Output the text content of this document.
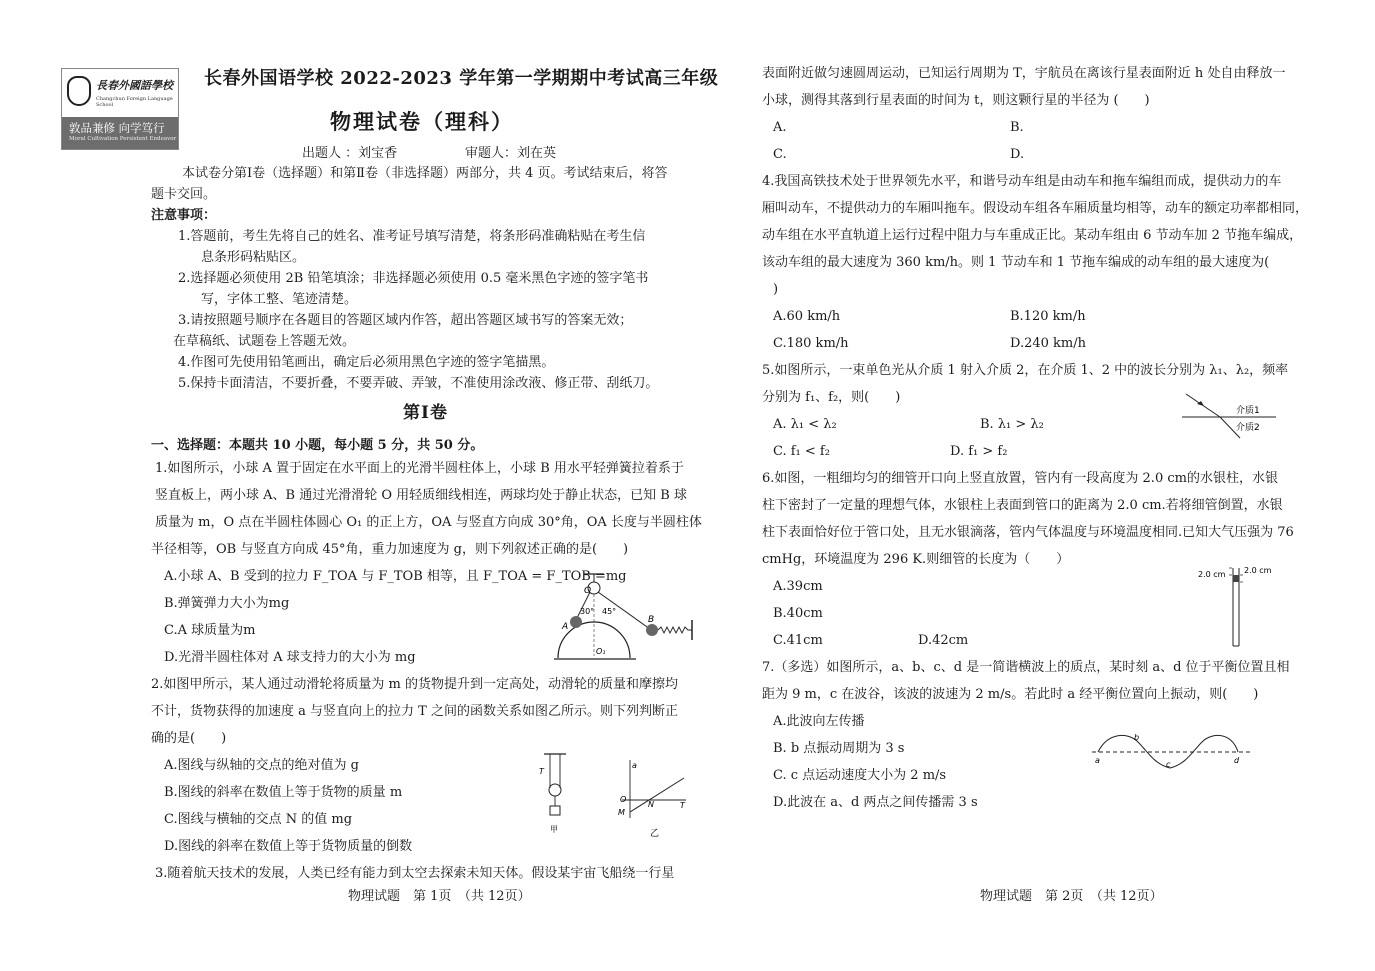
長春外國語學校
Changchun Foreign Language School
敦品兼修 向学笃行
Moral Cultivation Persistent Endeavor
长春外国语学校 2022-2023 学年第一学期期中考试高三年级
物理试卷（理科）
出题人 ：刘宝香	审题人：刘在英
本试卷分第Ⅰ卷（选择题）和第Ⅱ卷（非选择题）两部分，共 4 页。考试结束后，将答
题卡交回。
注意事项：
1.答题前，考生先将自己的姓名、准考证号填写清楚，将条形码准确粘贴在考生信
息条形码粘贴区。
2.选择题必须使用 2B 铅笔填涂；非选择题必须使用 0.5 毫米黑色字迹的签字笔书
写，字体工整、笔迹清楚。
3.请按照题号顺序在各题目的答题区域内作答，超出答题区域书写的答案无效；
在草稿纸、试题卷上答题无效。
4.作图可先使用铅笔画出，确定后必须用黑色字迹的签字笔描黑。
5.保持卡面清洁，不要折叠，不要弄破、弄皱，不准使用涂改液、修正带、刮纸刀。
第Ⅰ卷
一、选择题：本题共 10 小题，每小题 5 分，共 50 分。
1.如图所示，小球 A 置于固定在水平面上的光滑半圆柱体上，小球 B 用水平轻弹簧拉着系于
竖直板上，两小球 A、B 通过光滑滑轮 O 用轻质细线相连，两球均处于静止状态，已知 B 球
质量为 m，O 点在半圆柱体圆心 O₁ 的正上方，OA 与竖直方向成 30°角，OA 长度与半圆柱体
半径相等，OB 与竖直方向成 45°角，重力加速度为 g，则下列叙述正确的是(　　)
A.小球 A、B 受到的拉力 F_TOA 与 F_TOB 相等，且 F_TOA = F_TOB =mg
B.弹簧弹力大小为mg
C.A 球质量为m
D.光滑半圆柱体对 A 球支持力的大小为 mg
O
A
B
O₁
30° 45°
2.如图甲所示，某人通过动滑轮将质量为 m 的货物提升到一定高处，动滑轮的质量和摩擦均
不计，货物获得的加速度 a 与竖直向上的拉力 T 之间的函数关系如图乙所示。则下列判断正
确的是(　　)
A.图线与纵轴的交点的绝对值为 g
B.图线的斜率在数值上等于货物的质量 m
C.图线与横轴的交点 N 的值 mg
D.图线的斜率在数值上等于货物质量的倒数
T
甲
a
O
N
M
T
乙
3.随着航天技术的发展，人类已经有能力到太空去探索未知天体。假设某宇宙飞船绕一行星
物理试题　第 1页　（共 12页）
表面附近做匀速圆周运动，已知运行周期为 T，宇航员在离该行星表面附近 h 处自由释放一
小球，测得其落到行星表面的时间为 t，则这颗行星的半径为 (　　)
A.	B.
C.	D.
4.我国高铁技术处于世界领先水平，和谐号动车组是由动车和拖车编组而成，提供动力的车
厢叫动车，不提供动力的车厢叫拖车。假设动车组各车厢质量均相等，动车的额定功率都相同，
动车组在水平直轨道上运行过程中阻力与车重成正比。某动车组由 6 节动车加 2 节拖车编成，
该动车组的最大速度为 360 km/h。则 1 节动车和 1 节拖车编成的动车组的最大速度为(
)
A.60 km/h	B.120 km/h
C.180 km/h	D.240 km/h
5.如图所示，一束单色光从介质 1 射入介质 2，在介质 1、2 中的波长分别为 λ₁、λ₂，频率
分别为 f₁、f₂，则(　　)
A. λ₁ < λ₂	B. λ₁ > λ₂
C. f₁ < f₂	D. f₁ > f₂
介质1
介质2
6.如图，一粗细均匀的细管开口向上竖直放置，管内有一段高度为 2.0 cm的水银柱，水银
柱下密封了一定量的理想气体，水银柱上表面到管口的距离为 2.0 cm.若将细管倒置，水银
柱下表面恰好位于管口处，且无水银滴落，管内气体温度与环境温度相同.已知大气压强为 76
cmHg，环境温度为 296 K.则细管的长度为（　　）
A.39cm
B.40cm
C.41cm	D.42cm
2.0 cm 2.0 cm
7.（多选）如图所示，a、b、c、d 是一简谐横波上的质点，某时刻 a、d 位于平衡位置且相
距为 9 m，c 在波谷，该波的波速为 2 m/s。若此时 a 经平衡位置向上振动，则(　　)
A.此波向左传播
B. b 点振动周期为 3 s
C. c 点运动速度大小为 2 m/s
D.此波在 a、d 两点之间传播需 3 s
a
b
c	d
物理试题　第 2页　（共 12页）
